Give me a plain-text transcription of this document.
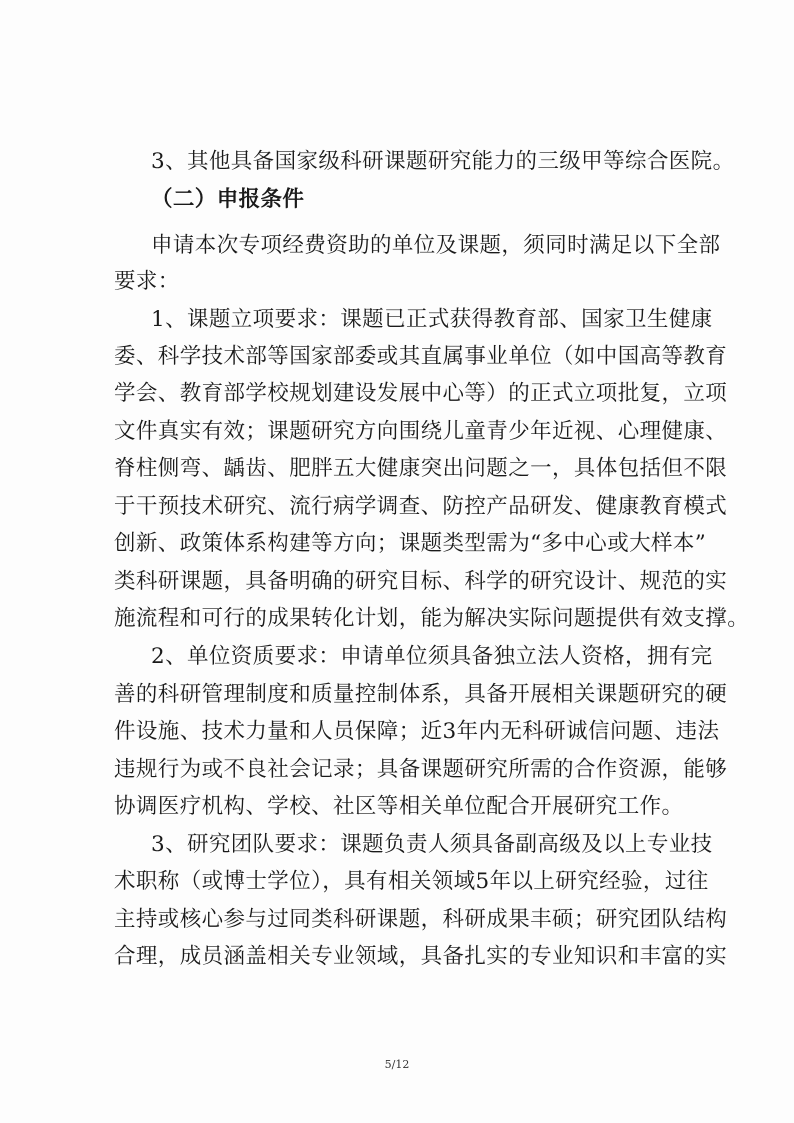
3、其他具备国家级科研课题研究能力的三级甲等综合医院。
（二）申报条件
申请本次专项经费资助的单位及课题，须同时满足以下全部
要求：
1、课题立项要求：课题已正式获得教育部、国家卫生健康
委、科学技术部等国家部委或其直属事业单位（如中国高等教育
学会、教育部学校规划建设发展中心等）的正式立项批复，立项
文件真实有效；课题研究方向围绕儿童青少年近视、心理健康、
脊柱侧弯、龋齿、肥胖五大健康突出问题之一，具体包括但不限
于干预技术研究、流行病学调查、防控产品研发、健康教育模式
创新、政策体系构建等方向；课题类型需为“多中心或大样本”
类科研课题，具备明确的研究目标、科学的研究设计、规范的实
施流程和可行的成果转化计划，能为解决实际问题提供有效支撑。
2、单位资质要求：申请单位须具备独立法人资格，拥有完
善的科研管理制度和质量控制体系，具备开展相关课题研究的硬
件设施、技术力量和人员保障；近3年内无科研诚信问题、违法
违规行为或不良社会记录；具备课题研究所需的合作资源，能够
协调医疗机构、学校、社区等相关单位配合开展研究工作。
3、研究团队要求：课题负责人须具备副高级及以上专业技
术职称（或博士学位），具有相关领域5年以上研究经验，过往
主持或核心参与过同类科研课题，科研成果丰硕；研究团队结构
合理，成员涵盖相关专业领域，具备扎实的专业知识和丰富的实
5/12
